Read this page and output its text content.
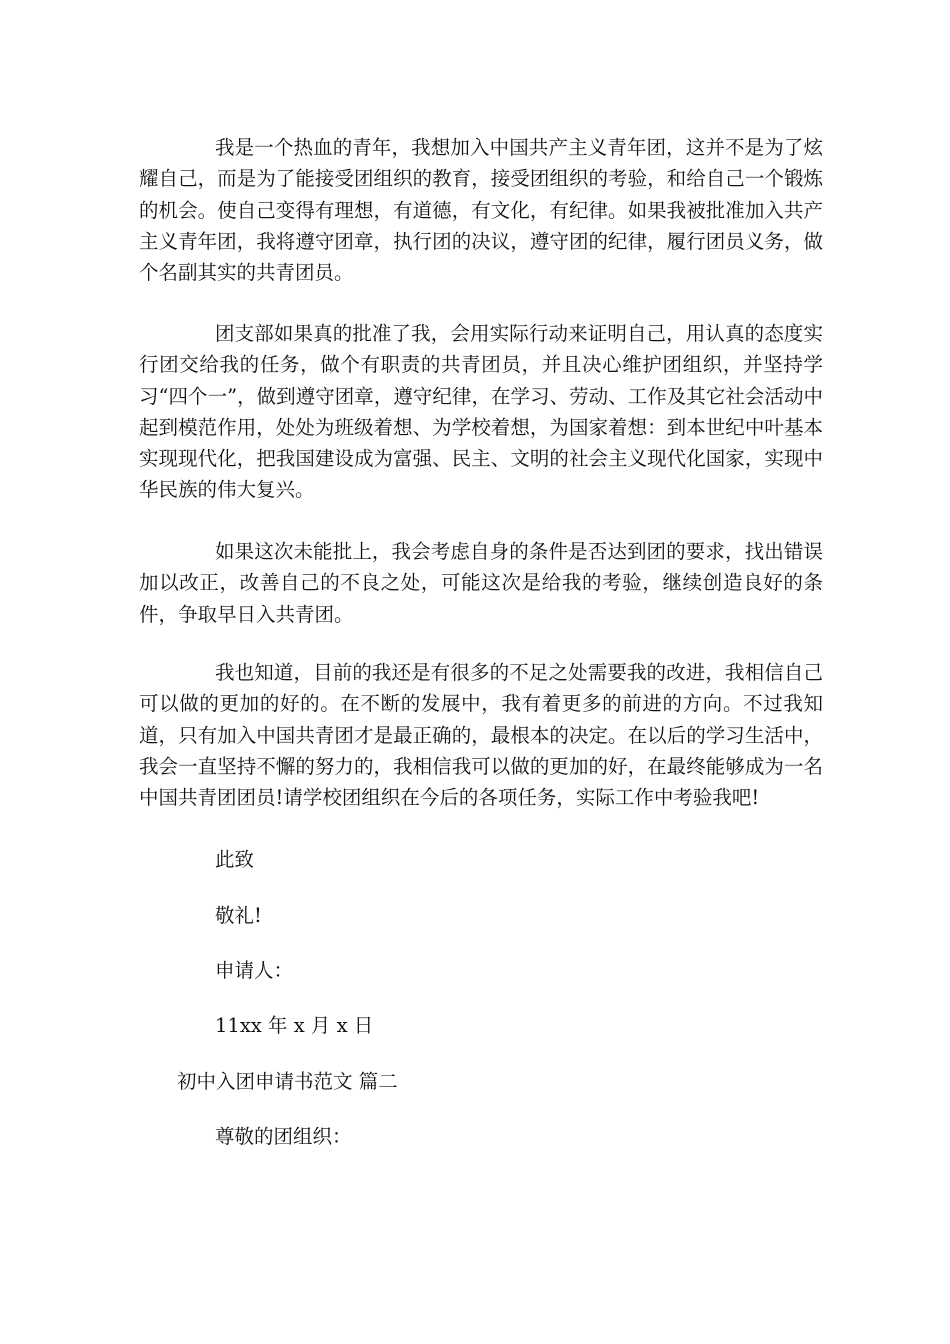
我是一个热血的青年，我想加入中国共产主义青年团，这并不是为了炫耀自己，而是为了能接受团组织的教育，接受团组织的考验，和给自己一个锻炼的机会。使自己变得有理想，有道德，有文化，有纪律。如果我被批准加入共产主义青年团，我将遵守团章，执行团的决议，遵守团的纪律，履行团员义务，做个名副其实的共青团员。

团支部如果真的批准了我，会用实际行动来证明自己，用认真的态度实行团交给我的任务，做个有职责的共青团员，并且决心维护团组织，并坚持学习“四个一”，做到遵守团章，遵守纪律，在学习、劳动、工作及其它社会活动中起到模范作用，处处为班级着想、为学校着想，为国家着想：到本世纪中叶基本实现现代化，把我国建设成为富强、民主、文明的社会主义现代化国家，实现中华民族的伟大复兴。

如果这次未能批上，我会考虑自身的条件是否达到团的要求，找出错误加以改正，改善自己的不良之处，可能这次是给我的考验，继续创造良好的条件，争取早日入共青团。

我也知道，目前的我还是有很多的不足之处需要我的改进，我相信自己可以做的更加的好的。在不断的发展中，我有着更多的前进的方向。不过我知道，只有加入中国共青团才是最正确的，最根本的决定。在以后的学习生活中，我会一直坚持不懈的努力的，我相信我可以做的更加的好，在最终能够成为一名中国共青团团员!请学校团组织在今后的各项任务，实际工作中考验我吧!

此致

敬礼!

申请人：

11xx 年 x 月 x 日

初中入团申请书范文 篇二

尊敬的团组织：
